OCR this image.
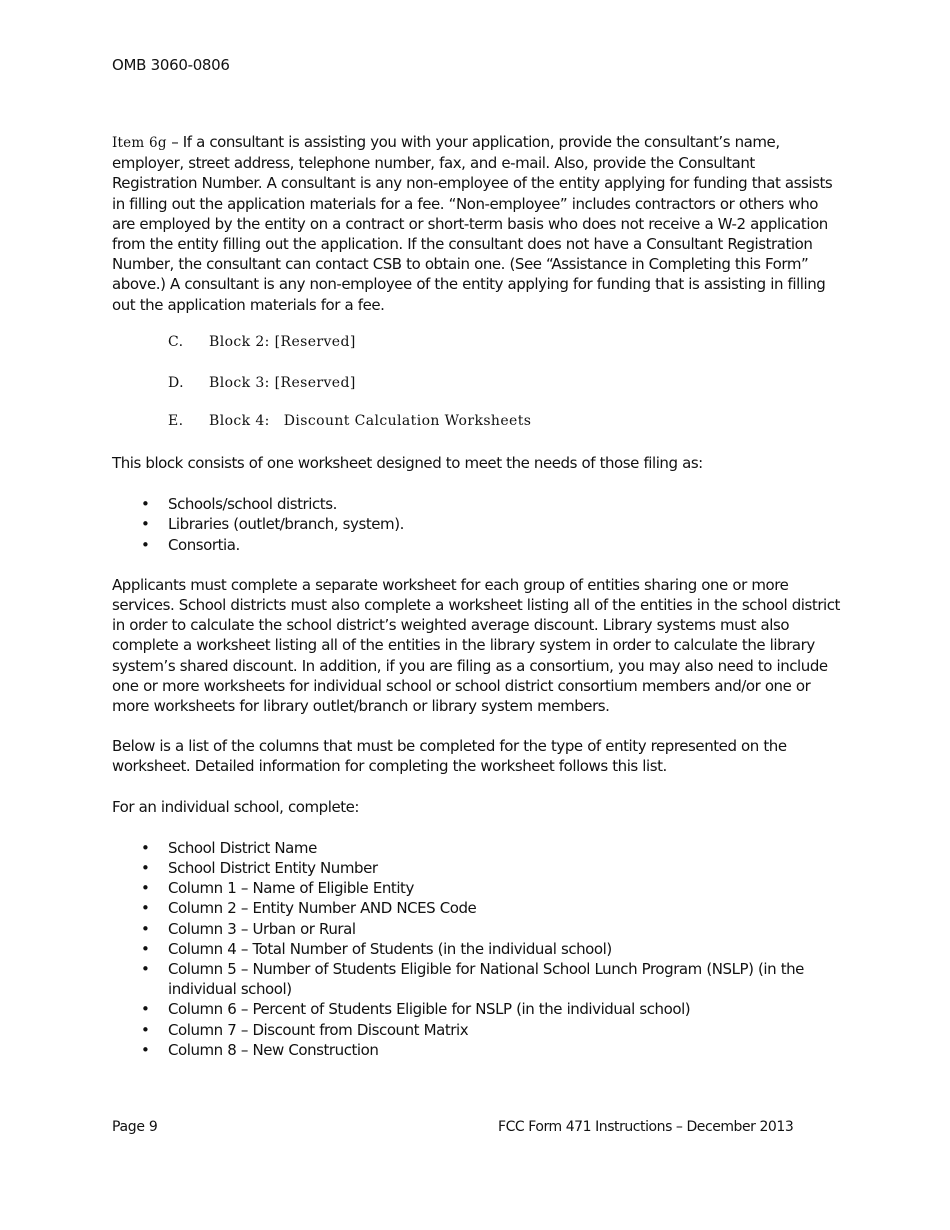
OMB 3060-0806

Item 6g – If a consultant is assisting you with your application, provide the consultant’s name, employer, street address, telephone number, fax, and e-mail. Also, provide the Consultant Registration Number. A consultant is any non-employee of the entity applying for funding that assists in filling out the application materials for a fee. “Non-employee” includes contractors or others who are employed by the entity on a contract or short-term basis who does not receive a W-2 application from the entity filling out the application. If the consultant does not have a Consultant Registration Number, the consultant can contact CSB to obtain one. (See “Assistance in Completing this Form” above.) A consultant is any non-employee of the entity applying for funding that is assisting in filling out the application materials for a fee.

C. Block 2: [Reserved]
D. Block 3: [Reserved]
E. Block 4: Discount Calculation Worksheets

This block consists of one worksheet designed to meet the needs of those filing as:

• Schools/school districts.
• Libraries (outlet/branch, system).
• Consortia.

Applicants must complete a separate worksheet for each group of entities sharing one or more services. School districts must also complete a worksheet listing all of the entities in the school district in order to calculate the school district’s weighted average discount. Library systems must also complete a worksheet listing all of the entities in the library system in order to calculate the library system’s shared discount. In addition, if you are filing as a consortium, you may also need to include one or more worksheets for individual school or school district consortium members and/or one or more worksheets for library outlet/branch or library system members.

Below is a list of the columns that must be completed for the type of entity represented on the worksheet. Detailed information for completing the worksheet follows this list.

For an individual school, complete:

• School District Name
• School District Entity Number
• Column 1 – Name of Eligible Entity
• Column 2 – Entity Number AND NCES Code
• Column 3 – Urban or Rural
• Column 4 – Total Number of Students (in the individual school)
• Column 5 – Number of Students Eligible for National School Lunch Program (NSLP) (in the individual school)
• Column 6 – Percent of Students Eligible for NSLP (in the individual school)
• Column 7 – Discount from Discount Matrix
• Column 8 – New Construction
Page 9	FCC Form 471 Instructions – December 2013
